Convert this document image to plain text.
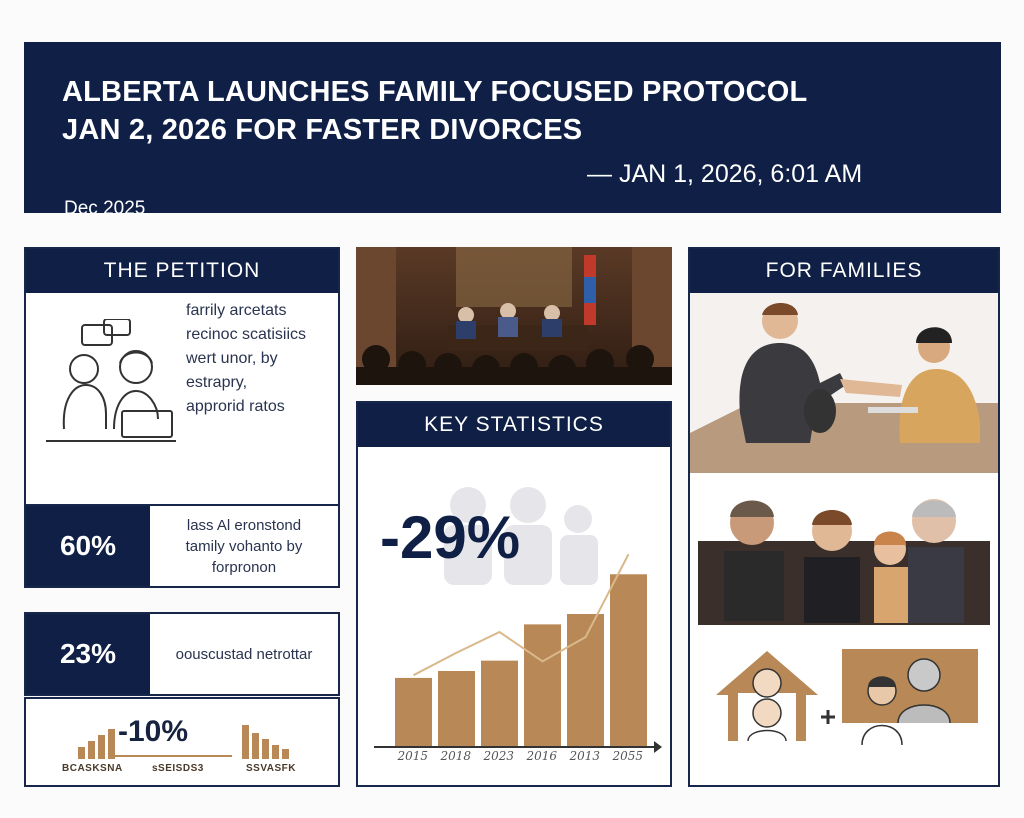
ALBERTA LAUNCHES FAMILY FOCUSED PROTOCOL
JAN 2, 2026 FOR FASTER DIVORCES
Dec 2025
— JAN 1, 2026, 6:01 AM
THE PETITION
farrily arcetats
recinoc scatisiics
wert unor, by
estrapry,
approrid ratos
60%
lass Al eronstond
tamily vohanto by
forpronon
23%	oouscustad netrottar
-10%
BCASKSNA	sSEISDS3	SSVASFK
KEY STATISTICS
-29%
2015 2018 2023 2016 2013 2055
FOR FAMILIES
